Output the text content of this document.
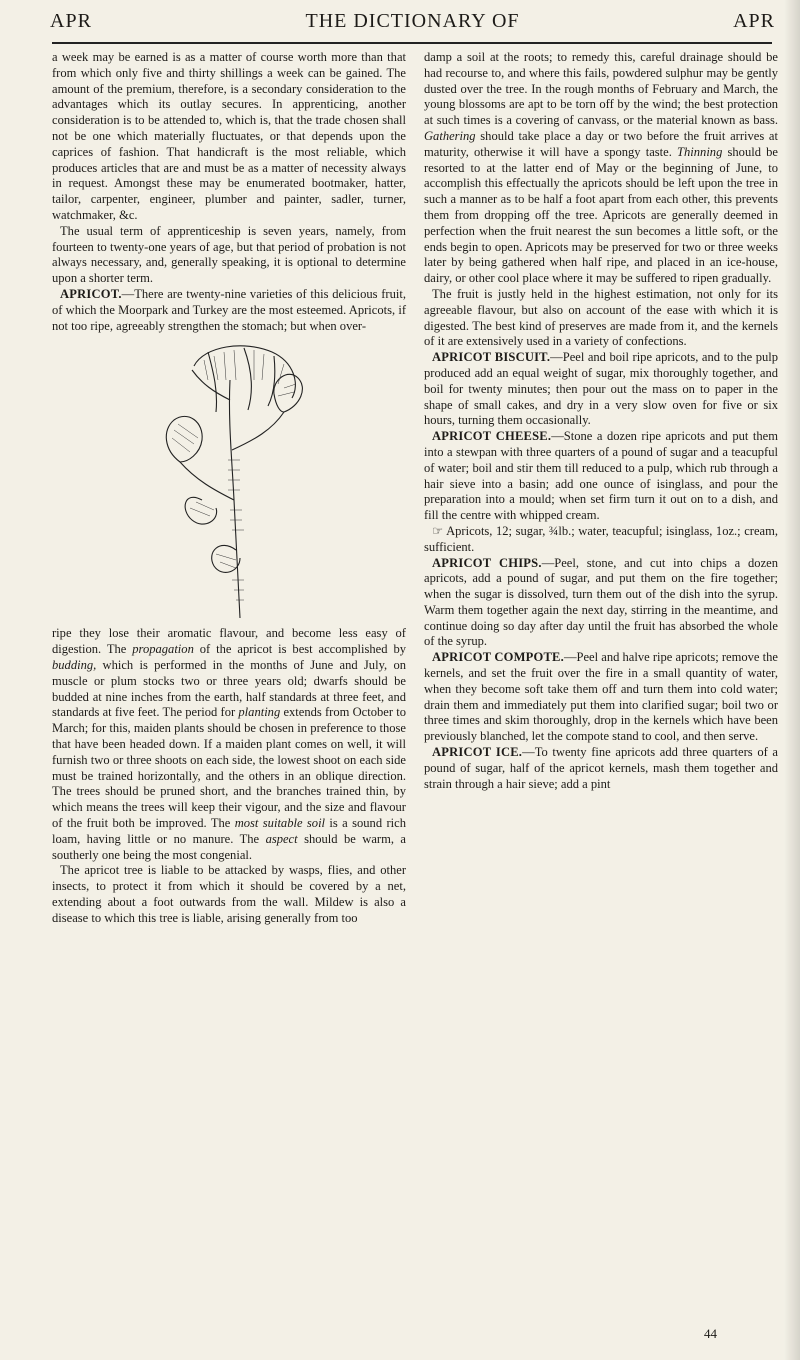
APR	THE DICTIONARY OF	APR

a week may be earned is as a matter of course worth more than that from which only five and thirty shillings a week can be gained. The amount of the premium, therefore, is a secondary consideration to the advantages which its outlay secures. In apprenticing, another consideration is to be attended to, which is, that the trade chosen shall not be one which materially fluctuates, or that depends upon the caprices of fashion. That handicraft is the most reliable, which produces articles that are and must be as a matter of necessity always in request. Amongst these may be enumerated bootmaker, hatter, tailor, carpenter, engineer, plumber and painter, sadler, turner, watchmaker, &c.

The usual term of apprenticeship is seven years, namely, from fourteen to twenty-one years of age, but that period of probation is not always necessary, and, generally speaking, it is optional to determine upon a shorter term.

APRICOT.—There are twenty-nine varieties of this delicious fruit, of which the Moorpark and Turkey are the most esteemed. Apricots, if not too ripe, agreeably strengthen the stomach; but when over-

ripe they lose their aromatic flavour, and become less easy of digestion. The propagation of the apricot is best accomplished by budding, which is performed in the months of June and July, on muscle or plum stocks two or three years old; dwarfs should be budded at nine inches from the earth, half standards at three feet, and standards at five feet. The period for planting extends from October to March; for this, maiden plants should be chosen in preference to those that have been headed down. If a maiden plant comes on well, it will furnish two or three shoots on each side, the lowest shoot on each side must be trained horizontally, and the others in an oblique direction. The trees should be pruned short, and the branches trained thin, by which means the trees will keep their vigour, and the size and flavour of the fruit both be improved. The most suitable soil is a sound rich loam, having little or no manure. The aspect should be warm, a southerly one being the most congenial.

The apricot tree is liable to be attacked by wasps, flies, and other insects, to protect it from which it should be covered by a net, extending about a foot outwards from the wall. Mildew is also a disease to which this tree is liable, arising generally from too

damp a soil at the roots; to remedy this, careful drainage should be had recourse to, and where this fails, powdered sulphur may be gently dusted over the tree. In the rough months of February and March, the young blossoms are apt to be torn off by the wind; the best protection at such times is a covering of canvass, or the material known as bass. Gathering should take place a day or two before the fruit arrives at maturity, otherwise it will have a spongy taste. Thinning should be resorted to at the latter end of May or the beginning of June, to accomplish this effectually the apricots should be left upon the tree in such a manner as to be half a foot apart from each other, this prevents them from dropping off the tree. Apricots are generally deemed in perfection when the fruit nearest the sun becomes a little soft, or the ends begin to open. Apricots may be preserved for two or three weeks later by being gathered when half ripe, and placed in an ice-house, dairy, or other cool place where it may be suffered to ripen gradually.

The fruit is justly held in the highest estimation, not only for its agreeable flavour, but also on account of the ease with which it is digested. The best kind of preserves are made from it, and the kernels of it are extensively used in a variety of confections.

APRICOT BISCUIT.—Peel and boil ripe apricots, and to the pulp produced add an equal weight of sugar, mix thoroughly together, and boil for twenty minutes; then pour out the mass on to paper in the shape of small cakes, and dry in a very slow oven for five or six hours, turning them occasionally.

APRICOT CHEESE.—Stone a dozen ripe apricots and put them into a stewpan with three quarters of a pound of sugar and a teacupful of water; boil and stir them till reduced to a pulp, which rub through a hair sieve into a basin; add one ounce of isinglass, and pour the preparation into a mould; when set firm turn it out on to a dish, and fill the centre with whipped cream.

☞ Apricots, 12; sugar, ¾lb.; water, teacupful; isinglass, 1oz.; cream, sufficient.

APRICOT CHIPS.—Peel, stone, and cut into chips a dozen apricots, add a pound of sugar, and put them on the fire together; when the sugar is dissolved, turn them out of the dish into the syrup. Warm them together again the next day, stirring in the meantime, and continue doing so day after day until the fruit has absorbed the whole of the syrup.

APRICOT COMPOTE.—Peel and halve ripe apricots; remove the kernels, and set the fruit over the fire in a small quantity of water, when they become soft take them off and turn them into cold water; drain them and immediately put them into clarified sugar; boil two or three times and skim thoroughly, drop in the kernels which have been previously blanched, let the compote stand to cool, and then serve.

APRICOT ICE.—To twenty fine apricots add three quarters of a pound of sugar, half of the apricot kernels, mash them together and strain through a hair sieve; add a pint

44
